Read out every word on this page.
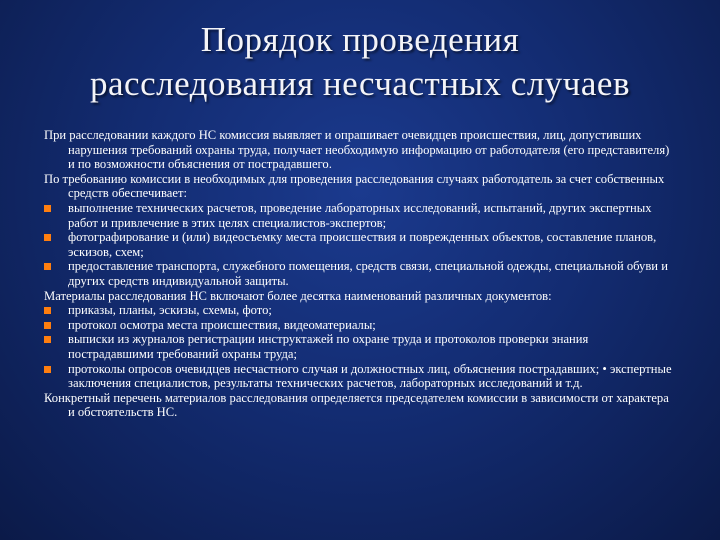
Порядок проведения
расследования несчастных случаев
При расследовании каждого НС комиссия выявляет и опрашивает очевидцев происшествия, лиц, допустивших нарушения требований охраны труда, получает необходимую информацию от работодателя (его представителя) и по возможности объяснения от пострадавшего.
По требованию комиссии в необходимых для проведения расследования случаях работодатель за счет собственных средств обеспечивает:
выполнение технических расчетов, проведение лабораторных исследований, испытаний, других экспертных работ и привлечение в этих целях специалистов-экспертов;
фотографирование и (или) видеосъемку места происшествия и поврежденных объектов, составление планов, эскизов, схем;
предоставление транспорта, служебного помещения, средств связи, специальной одежды, специальной обуви и других средств индивидуальной защиты.
Материалы расследования НС включают более десятка наименований различных документов:
приказы, планы, эскизы, схемы, фото;
протокол осмотра места происшествия, видеоматериалы;
выписки из журналов регистрации инструктажей по охране труда и протоколов проверки знания пострадавшими требований охраны труда;
протоколы опросов очевидцев несчастного случая и должностных лиц, объяснения пострадавших; • экспертные заключения специалистов, результаты технических расчетов, лабораторных исследований и т.д.
Конкретный перечень материалов расследования определяется председателем комиссии в зависимости от характера и обстоятельств НС.
